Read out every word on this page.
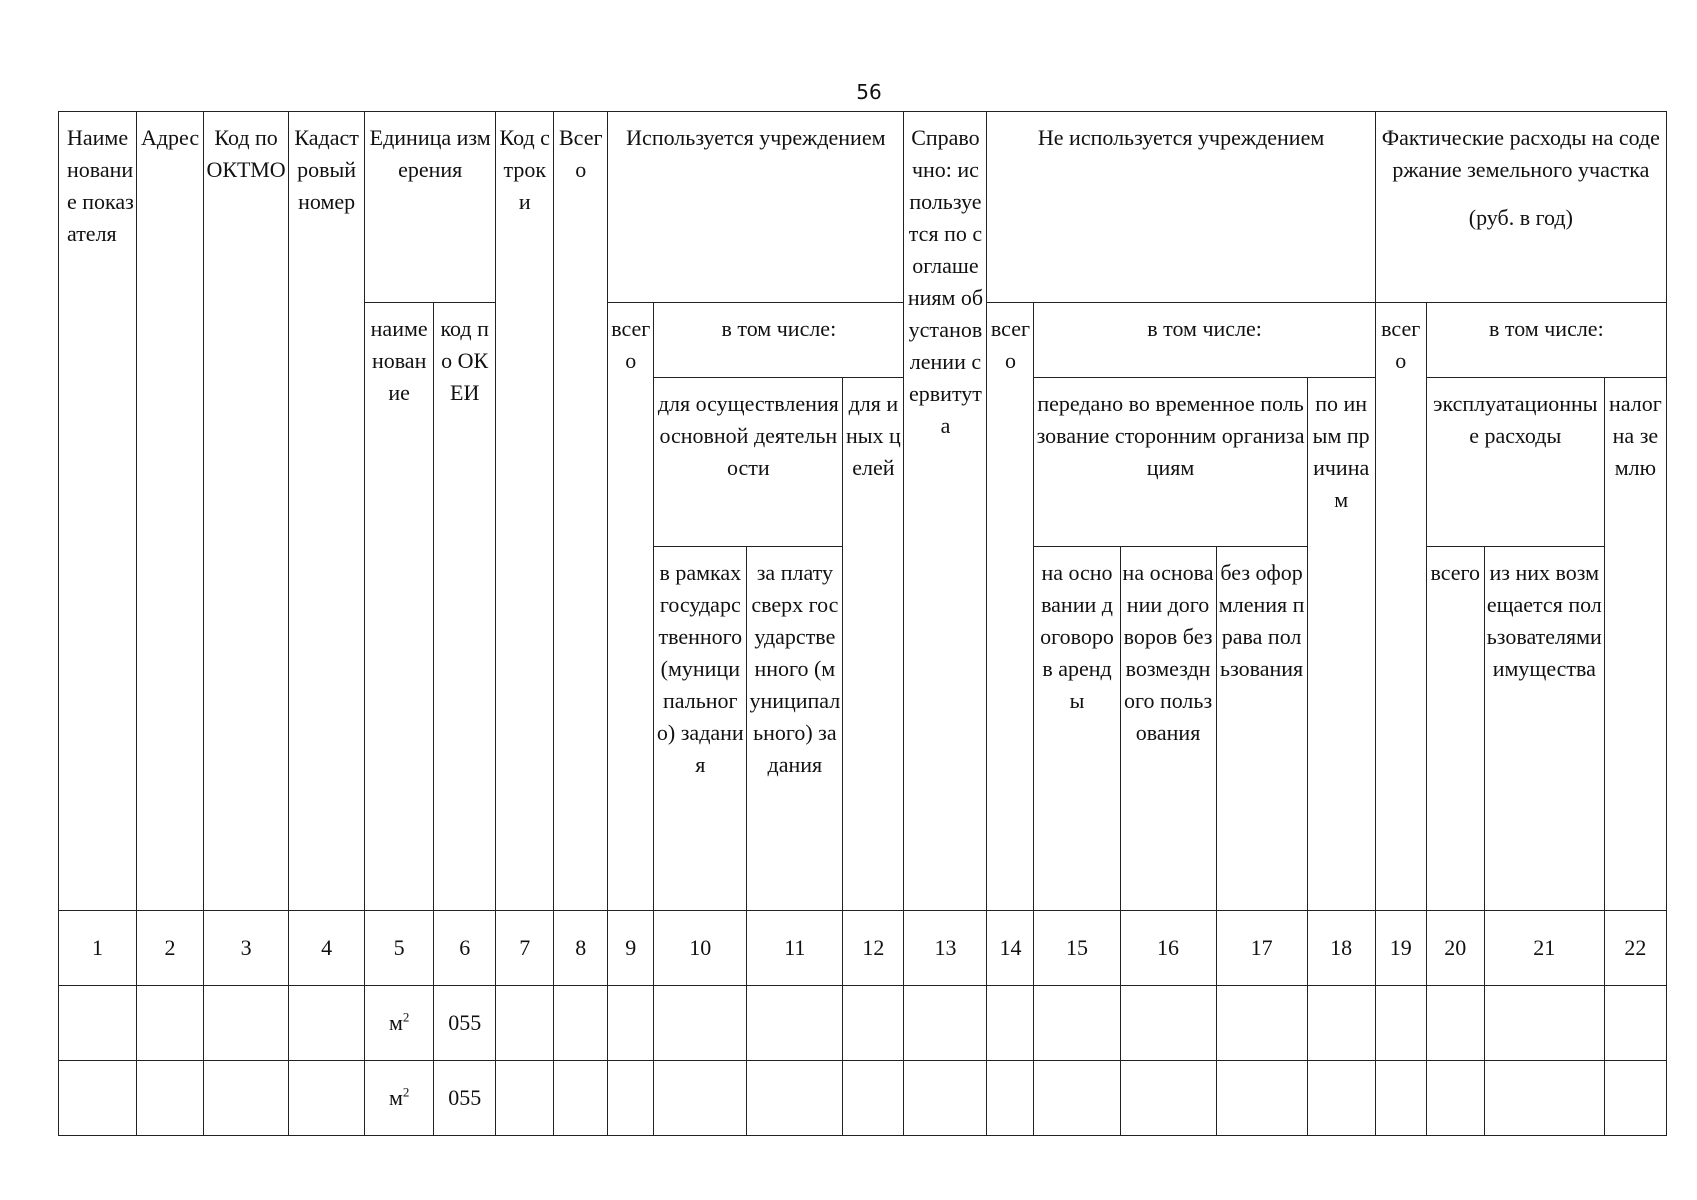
56
Наименование показателя	Адрес	Код по ОКТМО	Кадастровый номер	Единица измерения		Код строки	Всего	Используется учреждением				Справочно: используется по соглашениям об установлении сервитута	Не используется учреждением					Фактические расходы на содержание земельного участка
(руб. в год)			

				наименование	код по ОКЕИ			всего	в том числе:				всего	в том числе:				всего	в том числе:		
									для осуществления основной деятельности		для иных целей			передано во временное пользование сторонним организациям			по иным причинам		эксплуатационные расходы		налог на землю
									в рамках государственного (муниципального) задания	за плату сверх государственного (муниципального) задания				на основании договоров аренды	на основании договоров безвозмездного пользования	без оформления права пользования			всего	из них возмещается пользователями имущества	
1	2	3	4	5	6	7	8	9	10	11	12	13	14	15	16	17	18	19	20	21	22
				$м^2$	055																
				$м^2$	055																
